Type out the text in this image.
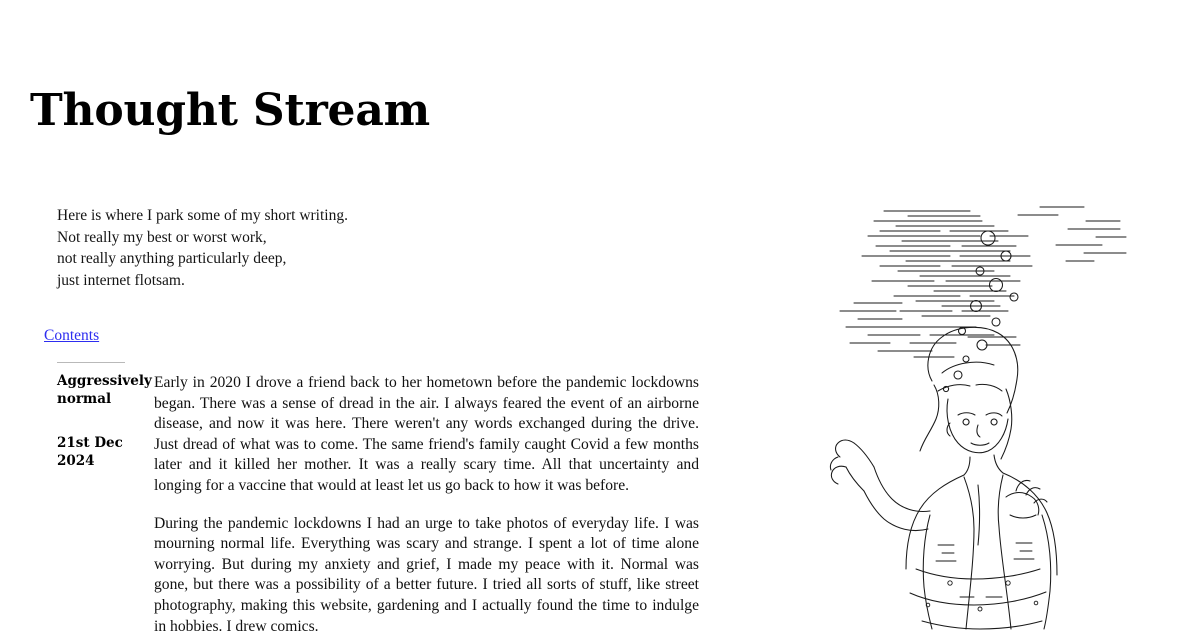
Thought Stream
Here is where I park some of my short writing.
Not really my best or worst work,
not really anything particularly deep,
just internet flotsam.
Contents
Aggressively normal
21st Dec 2024

Early in 2020 I drove a friend back to her hometown before the pandemic lockdowns began. There was a sense of dread in the air. I always feared the event of an airborne disease, and now it was here. There weren't any words exchanged during the drive. Just dread of what was to come. The same friend's family caught Covid a few months later and it killed her mother. It was a really scary time. All that uncertainty and longing for a vaccine that would at least let us go back to how it was before.

During the pandemic lockdowns I had an urge to take photos of everyday life. I was mourning normal life. Everything was scary and strange. I spent a lot of time alone worrying. But during my anxiety and grief, I made my peace with it. Normal was gone, but there was a possibility of a better future. I tried all sorts of stuff, like street photography, making this website, gardening and I actually found the time to indulge in hobbies. I drew comics.
